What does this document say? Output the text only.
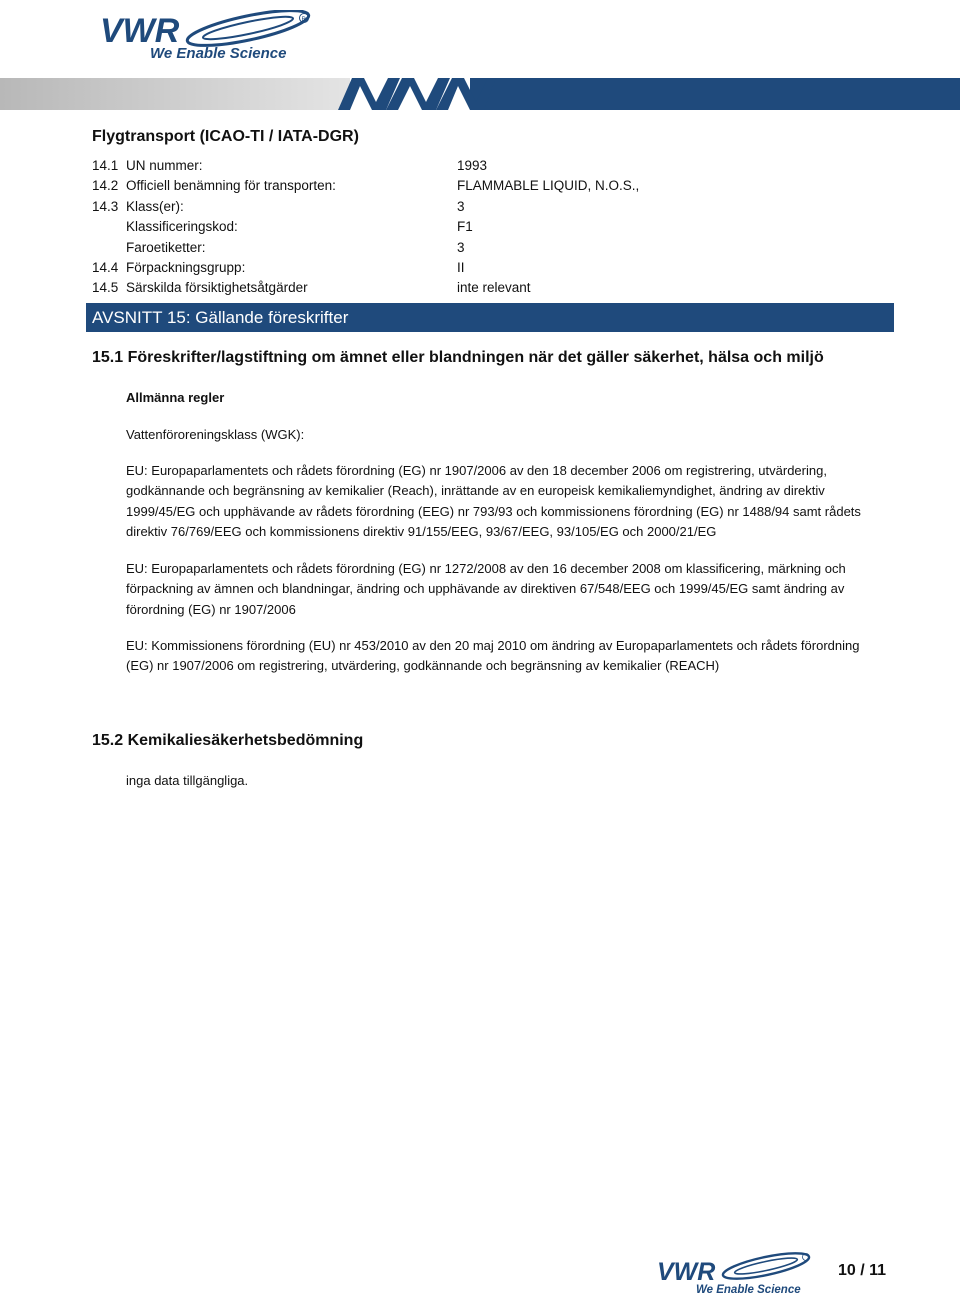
VWR
We Enable Science
R
Flygtransport (ICAO-TI / IATA-DGR)
14.1 UN nummer:	1993
14.2 Officiell benämning för transporten:	FLAMMABLE LIQUID, N.O.S.,
14.3 Klass(er):	3
Klassificeringskod:	F1
Faroetiketter:	3
14.4 Förpackningsgrupp:	II
14.5 Särskilda försiktighetsåtgärder	inte relevant
AVSNITT 15: Gällande föreskrifter
15.1 Föreskrifter/lagstiftning om ämnet eller blandningen när det gäller säkerhet, hälsa och miljö
Allmänna regler
Vattenföroreningsklass (WGK):

EU: Europaparlamentets och rådets förordning (EG) nr 1907/2006 av den 18 december 2006 om registrering, utvärdering, godkännande och begränsning av kemikalier (Reach), inrättande av en europeisk kemikaliemyndighet, ändring av direktiv 1999/45/EG och upphävande av rådets förordning (EEG) nr 793/93 och kommissionens förordning (EG) nr 1488/94 samt rådets direktiv 76/769/EEG och kommissionens direktiv 91/155/EEG, 93/67/EEG, 93/105/EG och 2000/21/EG

EU: Europaparlamentets och rådets förordning (EG) nr 1272/2008 av den 16 december 2008 om klassificering, märkning och förpackning av ämnen och blandningar, ändring och upphävande av direktiven 67/548/EEG och 1999/45/EG samt ändring av förordning (EG) nr 1907/2006

EU: Kommissionens förordning (EU) nr 453/2010 av den 20 maj 2010 om ändring av Europaparlamentets och rådets förordning (EG) nr 1907/2006 om registrering, utvärdering, godkännande och begränsning av kemikalier (REACH)

15.2 Kemikaliesäkerhetsbedömning
inga data tillgängliga.
VWR
We Enable Science
10 / 11
